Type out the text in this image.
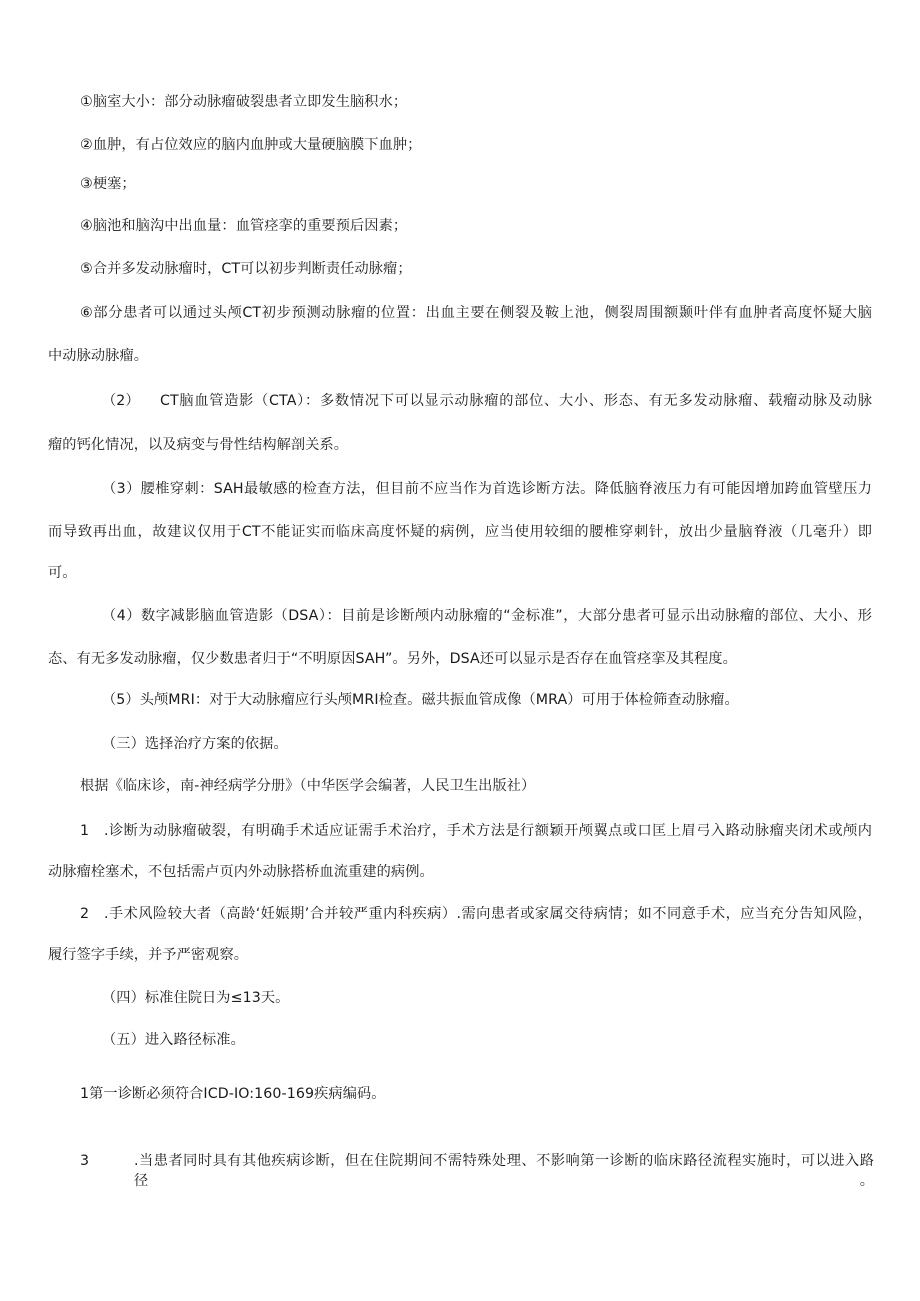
①脑室大小：部分动脉瘤破裂患者立即发生脑积水；
②血肿，有占位效应的脑内血肿或大量硬脑膜下血肿；
③梗塞；
④脑池和脑沟中出血量：血管痉挛的重要预后因素；
⑤合并多发动脉瘤时，CT可以初步判断责任动脉瘤；
⑥部分患者可以通过头颅CT初步预测动脉瘤的位置：出血主要在侧裂及鞍上池，侧裂周围额颞叶伴有血肿者高度怀疑大脑
中动脉动脉瘤。
（2） CT脑血管造影（CTA）：多数情况下可以显示动脉瘤的部位、大小、形态、有无多发动脉瘤、载瘤动脉及动脉
瘤的钙化情况，以及病变与骨性结构解剖关系。
（3）腰椎穿刺：SAH最敏感的检查方法，但目前不应当作为首选诊断方法。降低脑脊液压力有可能因增加跨血管壁压力
而导致再出血，故建议仅用于CT不能证实而临床高度怀疑的病例，应当使用较细的腰椎穿刺针，放出少量脑脊液（几毫升）即
可。
（4）数字减影脑血管造影（DSA）：目前是诊断颅内动脉瘤的“金标准”，大部分患者可显示出动脉瘤的部位、大小、形
态、有无多发动脉瘤，仅少数患者归于“不明原因SAH”。另外，DSA还可以显示是否存在血管痉挛及其程度。
（5）头颅MRI：对于大动脉瘤应行头颅MRI检查。磁共振血管成像（MRA）可用于体检筛查动脉瘤。
（三）选择治疗方案的依据。
根据《临床诊，南-神经病学分册》（中华医学会编著，人民卫生出版社）
1 .诊断为动脉瘤破裂，有明确手术适应证需手术治疗，手术方法是行额颖开颅翼点或口匡上眉弓入路动脉瘤夹闭术或颅内
动脉瘤栓塞术，不包括需卢页内外动脉搭桥血流重建的病例。
2 .手术风险较大者（高龄‘妊娠期’合并较严重内科疾病）.需向患者或家属交待病情；如不同意手术，应当充分告知风险，
履行签字手续，并予严密观察。
（四）标准住院日为≤13天。
（五）进入路径标准。
1第一诊断必须符合ICD-IO:160-169疾病编码。
3	.当患者同时具有其他疾病诊断，但在住院期间不需特殊处理、不影响第一诊断的临床路径流程实施时，可以进入路径。
